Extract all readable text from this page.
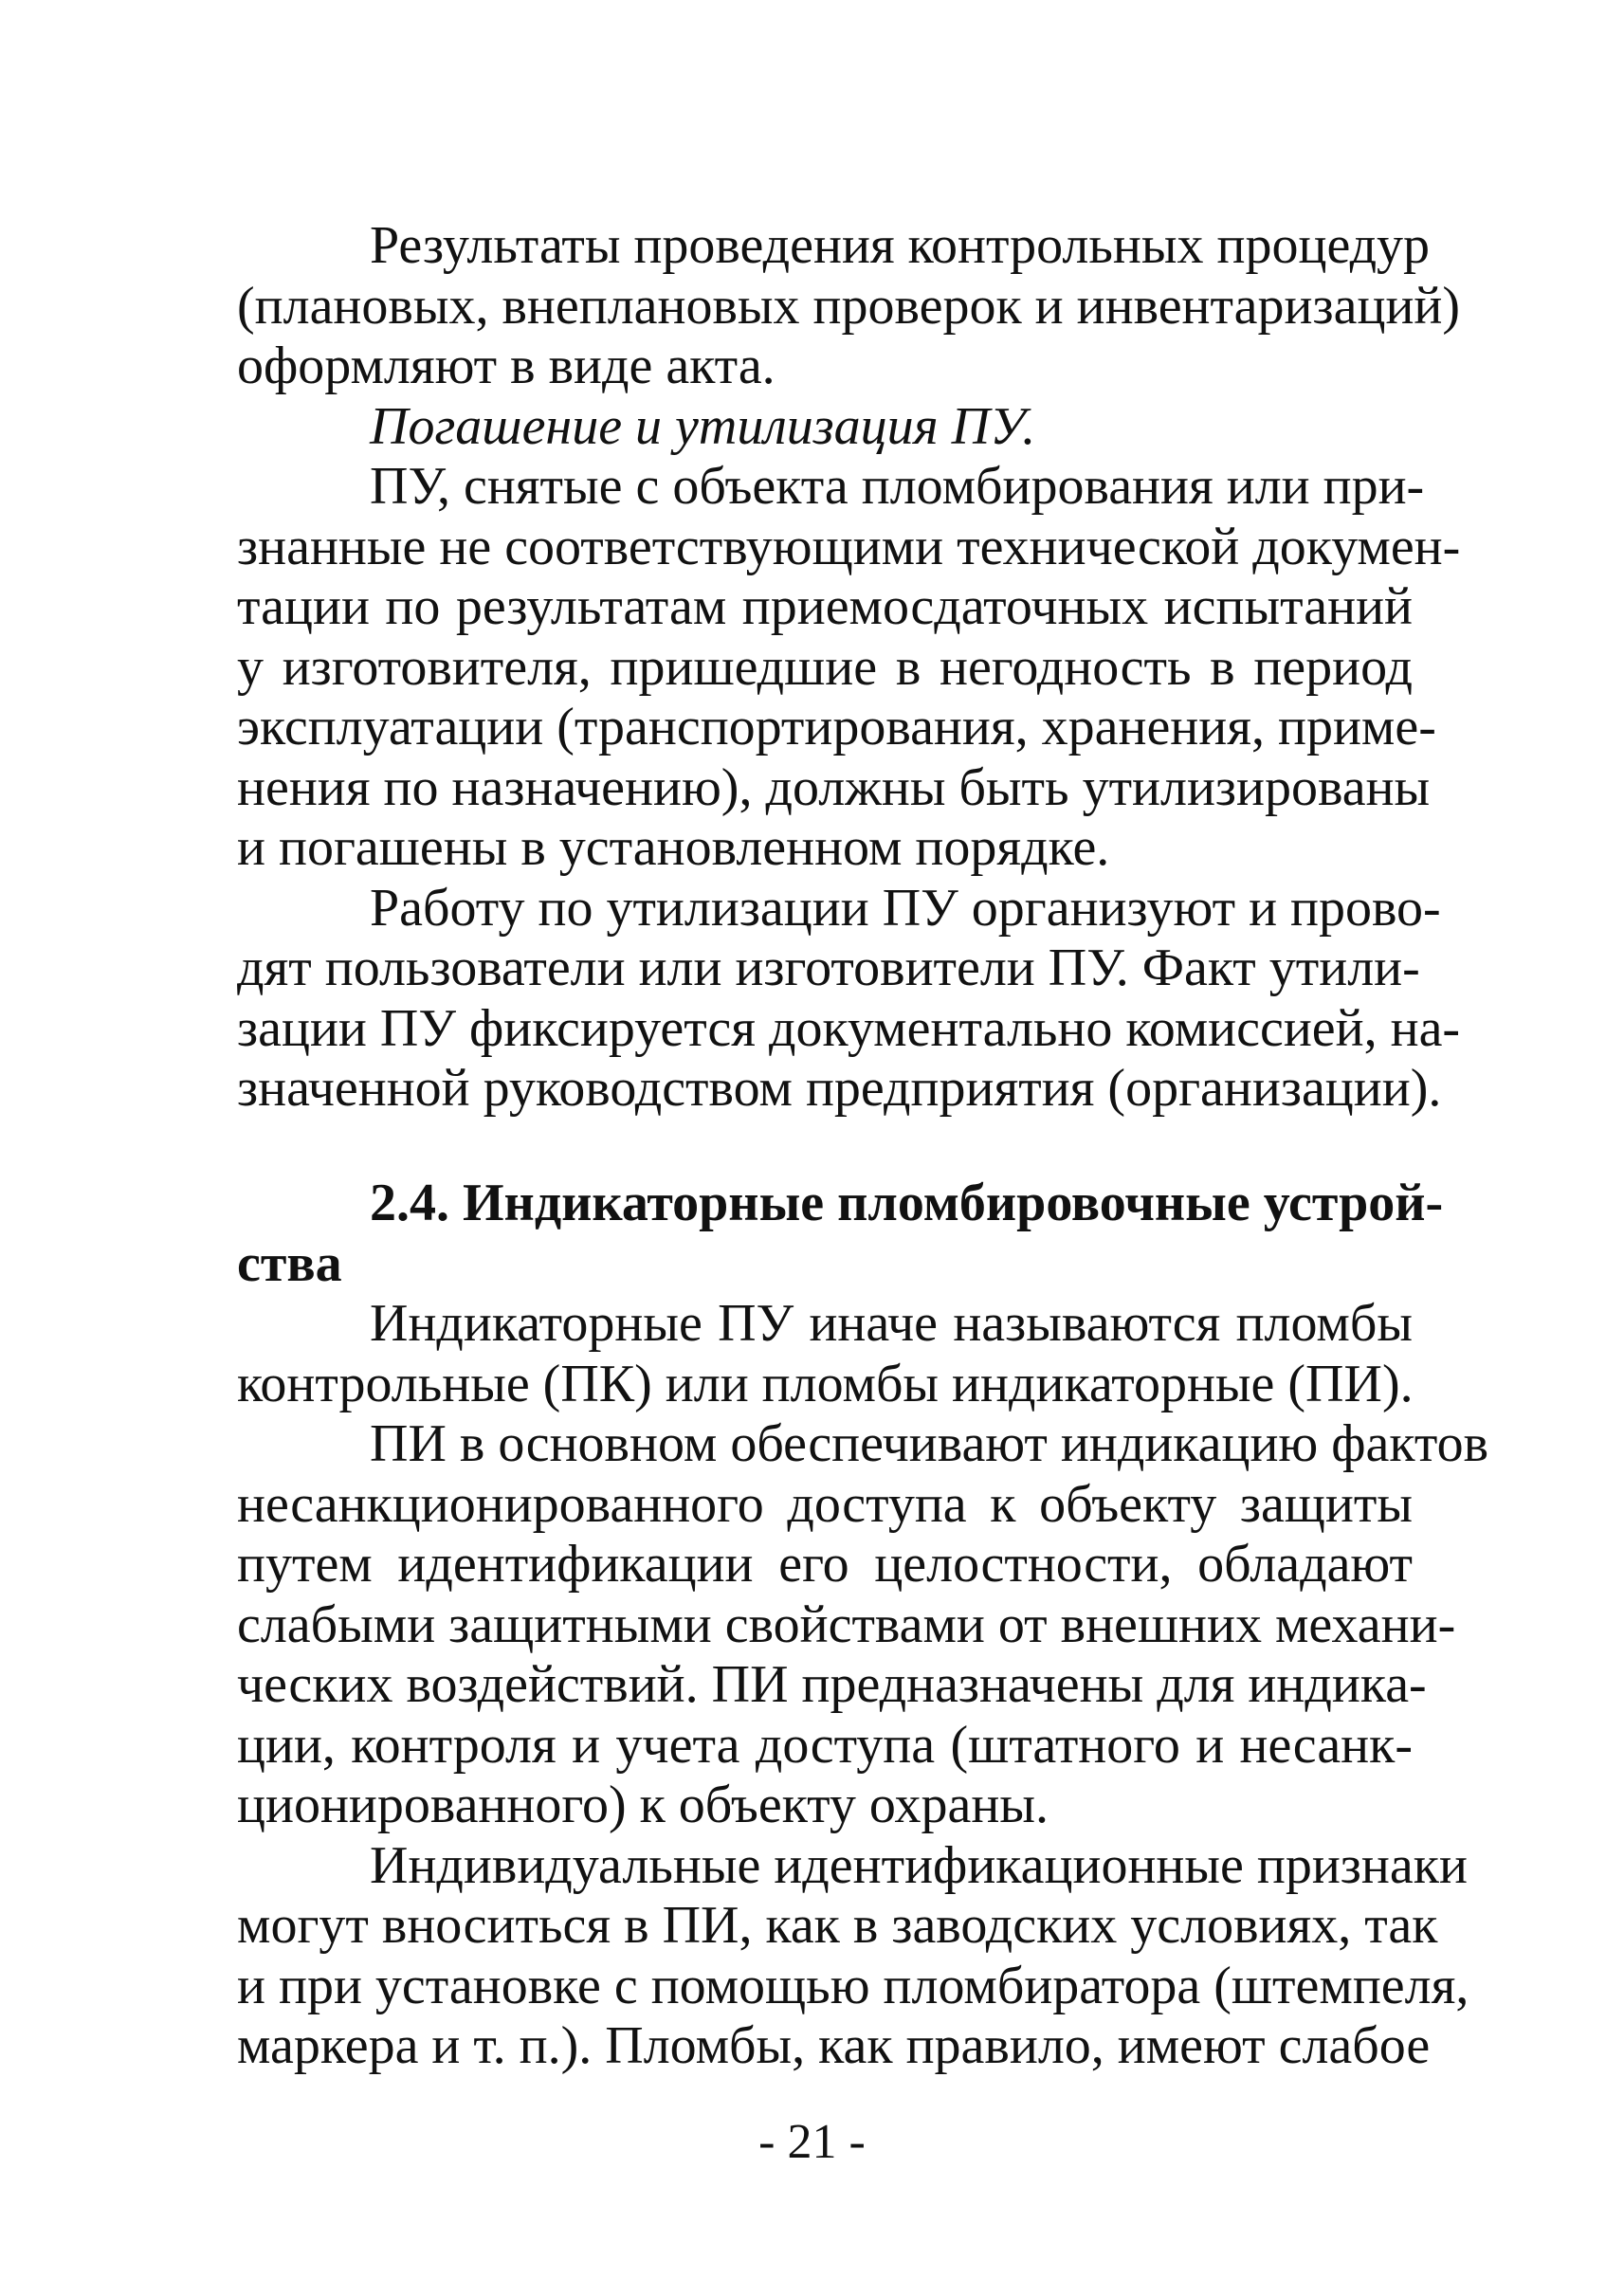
Результаты проведения контрольных процедур
(плановых, внеплановых проверок и инвентаризаций)
оформляют в виде акта.
Погашение и утилизация ПУ.
ПУ, снятые с объекта пломбирования или при-
знанные не соответствующими технической докумен-
тации по результатам приемосдаточных испытаний
у изготовителя, пришедшие в негодность в период
эксплуатации (транспортирования, хранения, приме-
нения по назначению), должны быть утилизированы
и погашены в установленном порядке.
Работу по утилизации ПУ организуют и прово-
дят пользователи или изготовители ПУ. Факт утили-
зации ПУ фиксируется документально комиссией, на-
значенной руководством предприятия (организации).
2.4. Индикаторные пломбировочные устрой-
ства
Индикаторные ПУ иначе называются пломбы
контрольные (ПК) или пломбы индикаторные (ПИ).
ПИ в основном обеспечивают индикацию фактов
несанкционированного доступа к объекту защиты
путем идентификации его целостности, обладают
слабыми защитными свойствами от внешних механи-
ческих воздействий. ПИ предназначены для индика-
ции, контроля и учета доступа (штатного и несанк-
ционированного) к объекту охраны.
Индивидуальные идентификационные признаки
могут вноситься в ПИ, как в заводских условиях, так
и при установке с помощью пломбиратора (штемпеля,
маркера и т. п.). Пломбы, как правило, имеют слабое
- 21 -
